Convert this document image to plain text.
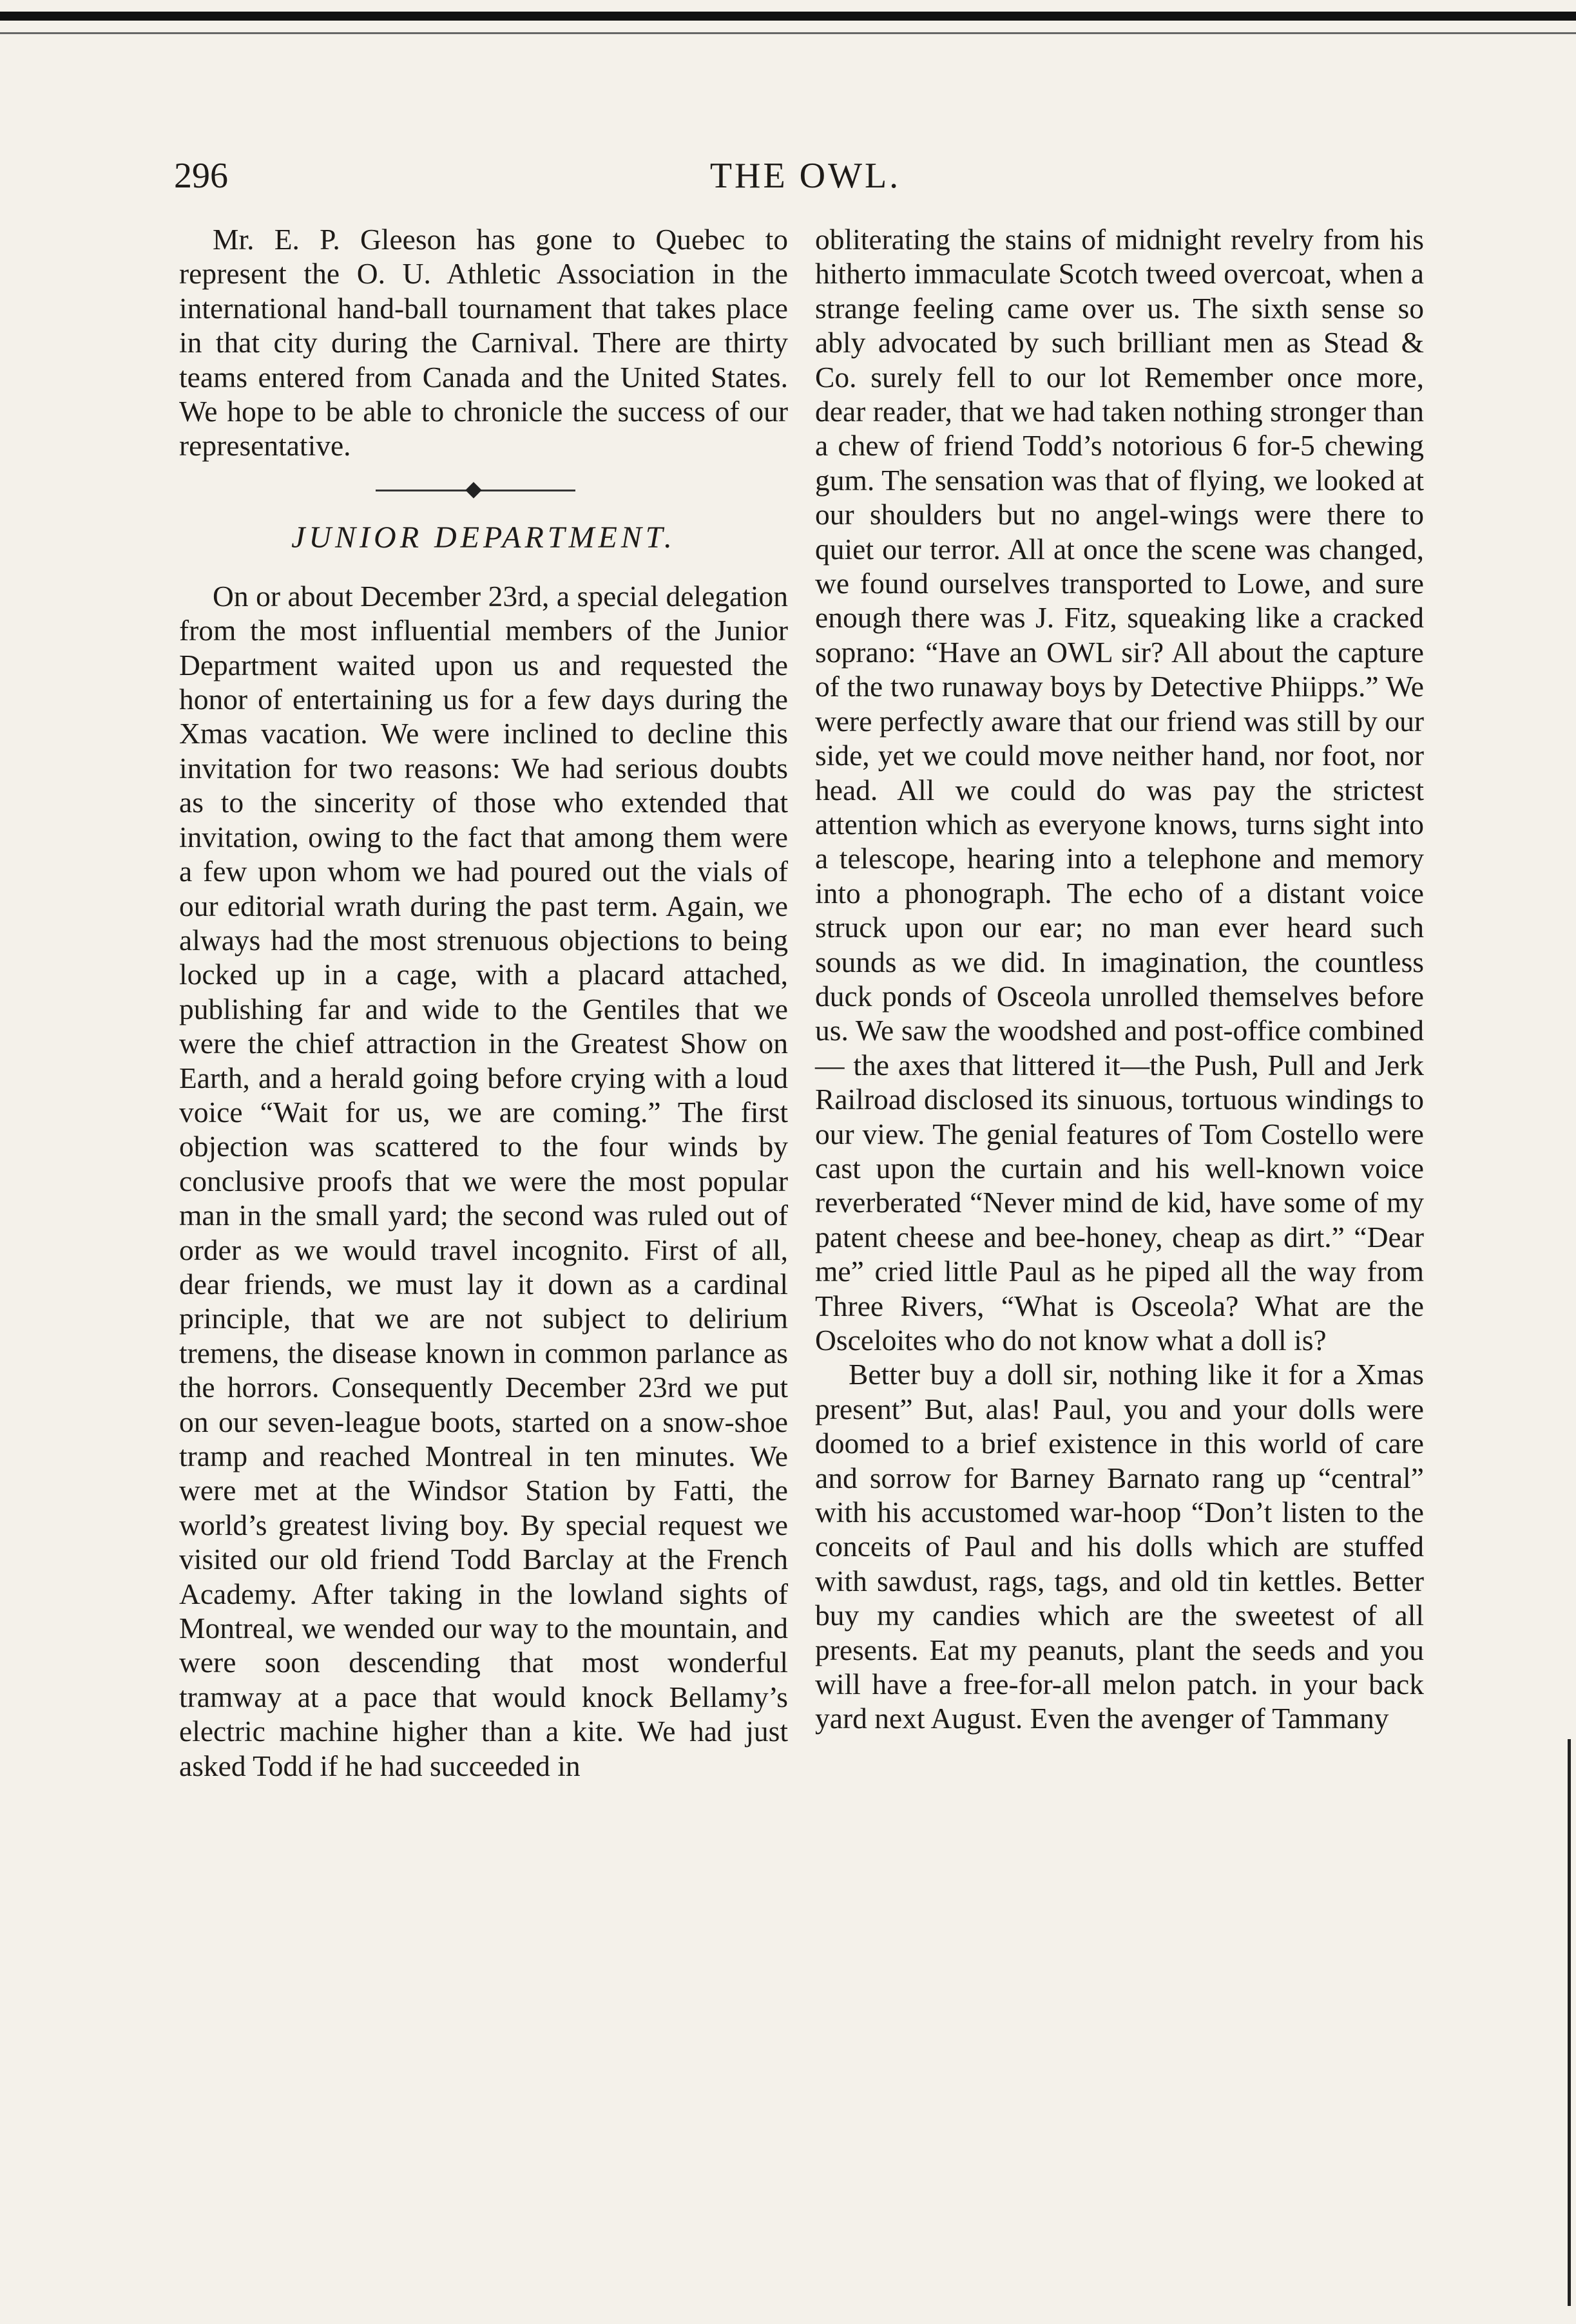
296	THE OWL.

Mr. E. P. Gleeson has gone to Quebec to represent the O. U. Athletic Association in the international hand-ball tournament that takes place in that city during the Carnival. There are thirty teams entered from Canada and the United States. We hope to be able to chronicle the success of our representative.

JUNIOR DEPARTMENT.

On or about December 23rd, a special delegation from the most influential members of the Junior Department waited upon us and requested the honor of entertaining us for a few days during the Xmas vacation. We were inclined to decline this invitation for two reasons: We had serious doubts as to the sincerity of those who extended that invitation, owing to the fact that among them were a few upon whom we had poured out the vials of our editorial wrath during the past term. Again, we always had the most strenuous objections to being locked up in a cage, with a placard attached, publishing far and wide to the Gentiles that we were the chief attraction in the Greatest Show on Earth, and a herald going before crying with a loud voice “Wait for us, we are coming.” The first objection was scattered to the four winds by conclusive proofs that we were the most popular man in the small yard; the second was ruled out of order as we would travel incognito. First of all, dear friends, we must lay it down as a cardinal principle, that we are not subject to delirium tremens, the disease known in common parlance as the horrors. Consequently December 23rd we put on our seven-league boots, started on a snow-shoe tramp and reached Montreal in ten minutes. We were met at the Windsor Station by Fatti, the world’s greatest living boy. By special request we visited our old friend Todd Barclay at the French Academy. After taking in the lowland sights of Montreal, we wended our way to the mountain, and were soon descending that most wonderful tramway at a pace that would knock Bellamy’s electric machine higher than a kite. We had just asked Todd if he had succeeded in

obliterating the stains of midnight revelry from his hitherto immaculate Scotch tweed overcoat, when a strange feeling came over us. The sixth sense so ably advocated by such brilliant men as Stead & Co. surely fell to our lot Remember once more, dear reader, that we had taken nothing stronger than a chew of friend Todd’s notorious 6 for-5 chewing gum. The sensation was that of flying, we looked at our shoulders but no angel-wings were there to quiet our terror. All at once the scene was changed, we found ourselves transported to Lowe, and sure enough there was J. Fitz, squeaking like a cracked soprano: “Have an OWL sir? All about the capture of the two runaway boys by Detective Phiipps.” We were perfectly aware that our friend was still by our side, yet we could move neither hand, nor foot, nor head. All we could do was pay the strictest attention which as everyone knows, turns sight into a telescope, hearing into a telephone and memory into a phonograph. The echo of a distant voice struck upon our ear; no man ever heard such sounds as we did. In imagination, the countless duck ponds of Osceola unrolled themselves before us. We saw the woodshed and post-office combined— the axes that littered it—the Push, Pull and Jerk Railroad disclosed its sinuous, tortuous windings to our view. The genial features of Tom Costello were cast upon the curtain and his well-known voice reverberated “Never mind de kid, have some of my patent cheese and bee-honey, cheap as dirt.” “Dear me” cried little Paul as he piped all the way from Three Rivers, “What is Osceola? What are the Osceloites who do not know what a doll is?

Better buy a doll sir, nothing like it for a Xmas present” But, alas! Paul, you and your dolls were doomed to a brief existence in this world of care and sorrow for Barney Barnato rang up “central” with his accustomed war-hoop “Don’t listen to the conceits of Paul and his dolls which are stuffed with sawdust, rags, tags, and old tin kettles. Better buy my candies which are the sweetest of all presents. Eat my peanuts, plant the seeds and you will have a free-for-all melon patch. in your back yard next August. Even the avenger of Tammany
